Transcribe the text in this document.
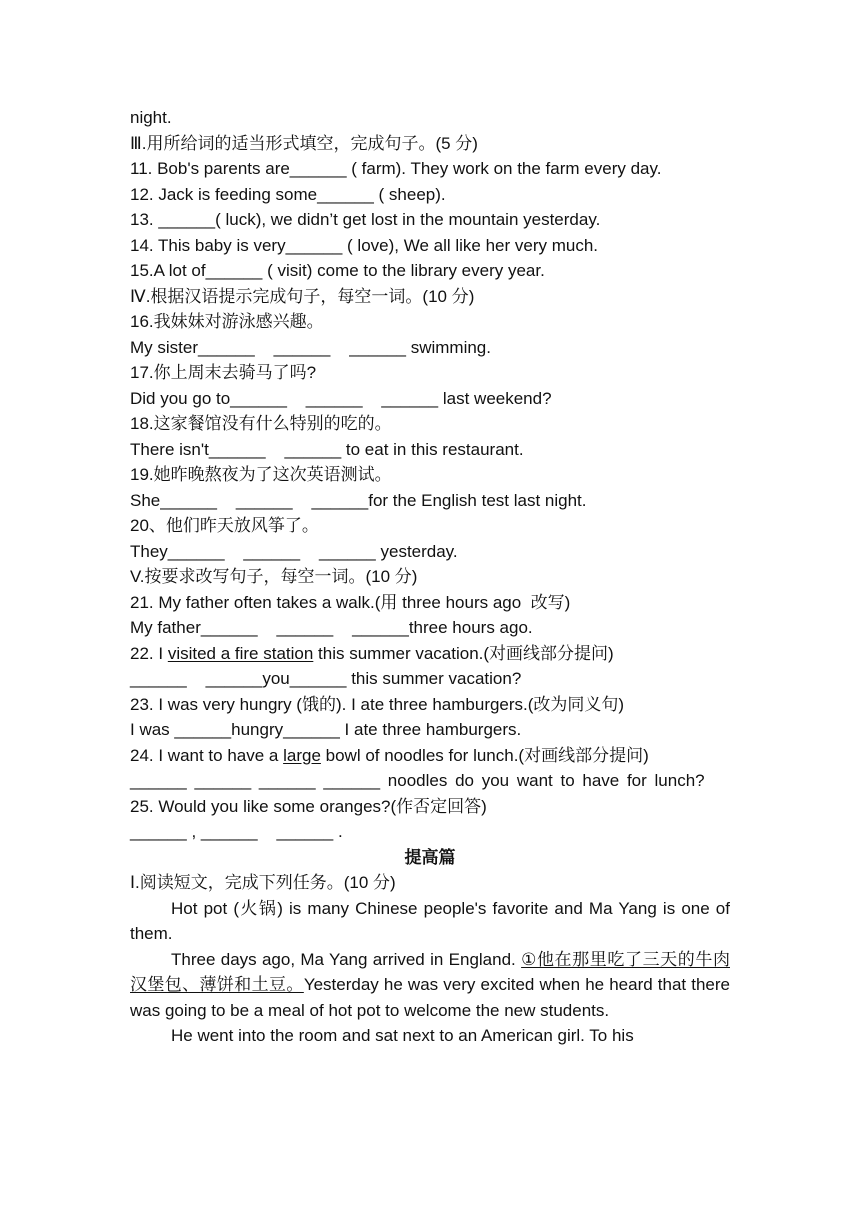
night.
Ⅲ.用所给词的适当形式填空，完成句子。(5 分)
11. Bob's parents are______ ( farm). They work on the farm every day.
12. Jack is feeding some______ ( sheep).
13. ______( luck), we didn’t get lost in the mountain yesterday.
14. This baby is very______ ( love), We all like her very much.
15.A lot of______ ( visit) come to the library every year.
Ⅳ.根据汉语提示完成句子，每空一词。(10 分)
16.我妹妹对游泳感兴趣。
My sister______    ______    ______ swimming.
17.你上周末去骑马了吗?
Did you go to______    ______    ______ last weekend?
18.这家餐馆没有什么特别的吃的。
There isn't______    ______ to eat in this restaurant.
19.她昨晚熬夜为了这次英语测试。
She______    ______    ______for the English test last night.
20、他们昨天放风筝了。
They______    ______    ______ yesterday.
V.按要求改写句子，每空一词。(10 分)
21. My father often takes a walk.(用 three hours ago  改写)
My father______    ______    ______three hours ago.
22. I visited a fire station this summer vacation.(对画线部分提问)
______    ______you______ this summer vacation?
23. I was very hungry (饿的). I ate three hamburgers.(改为同义句)
I was ______hungry______ I ate three hamburgers.
24. I want to have a large bowl of noodles for lunch.(对画线部分提问)
______ ______ ______ ______ noodles do you want to have for lunch?
25. Would you like some oranges?(作否定回答)
______ , ______    ______ .
提高篇
Ⅰ.阅读短文，完成下列任务。(10 分)
Hot pot (火锅) is many Chinese people's favorite and Ma Yang is one of them.
Three days ago, Ma Yang arrived in England. ①他在那里吃了三天的牛肉汉堡包、薄饼和土豆。Yesterday he was very excited when he heard that there was going to be a meal of hot pot to welcome the new students.
He went into the room and sat next to an American girl. To his
